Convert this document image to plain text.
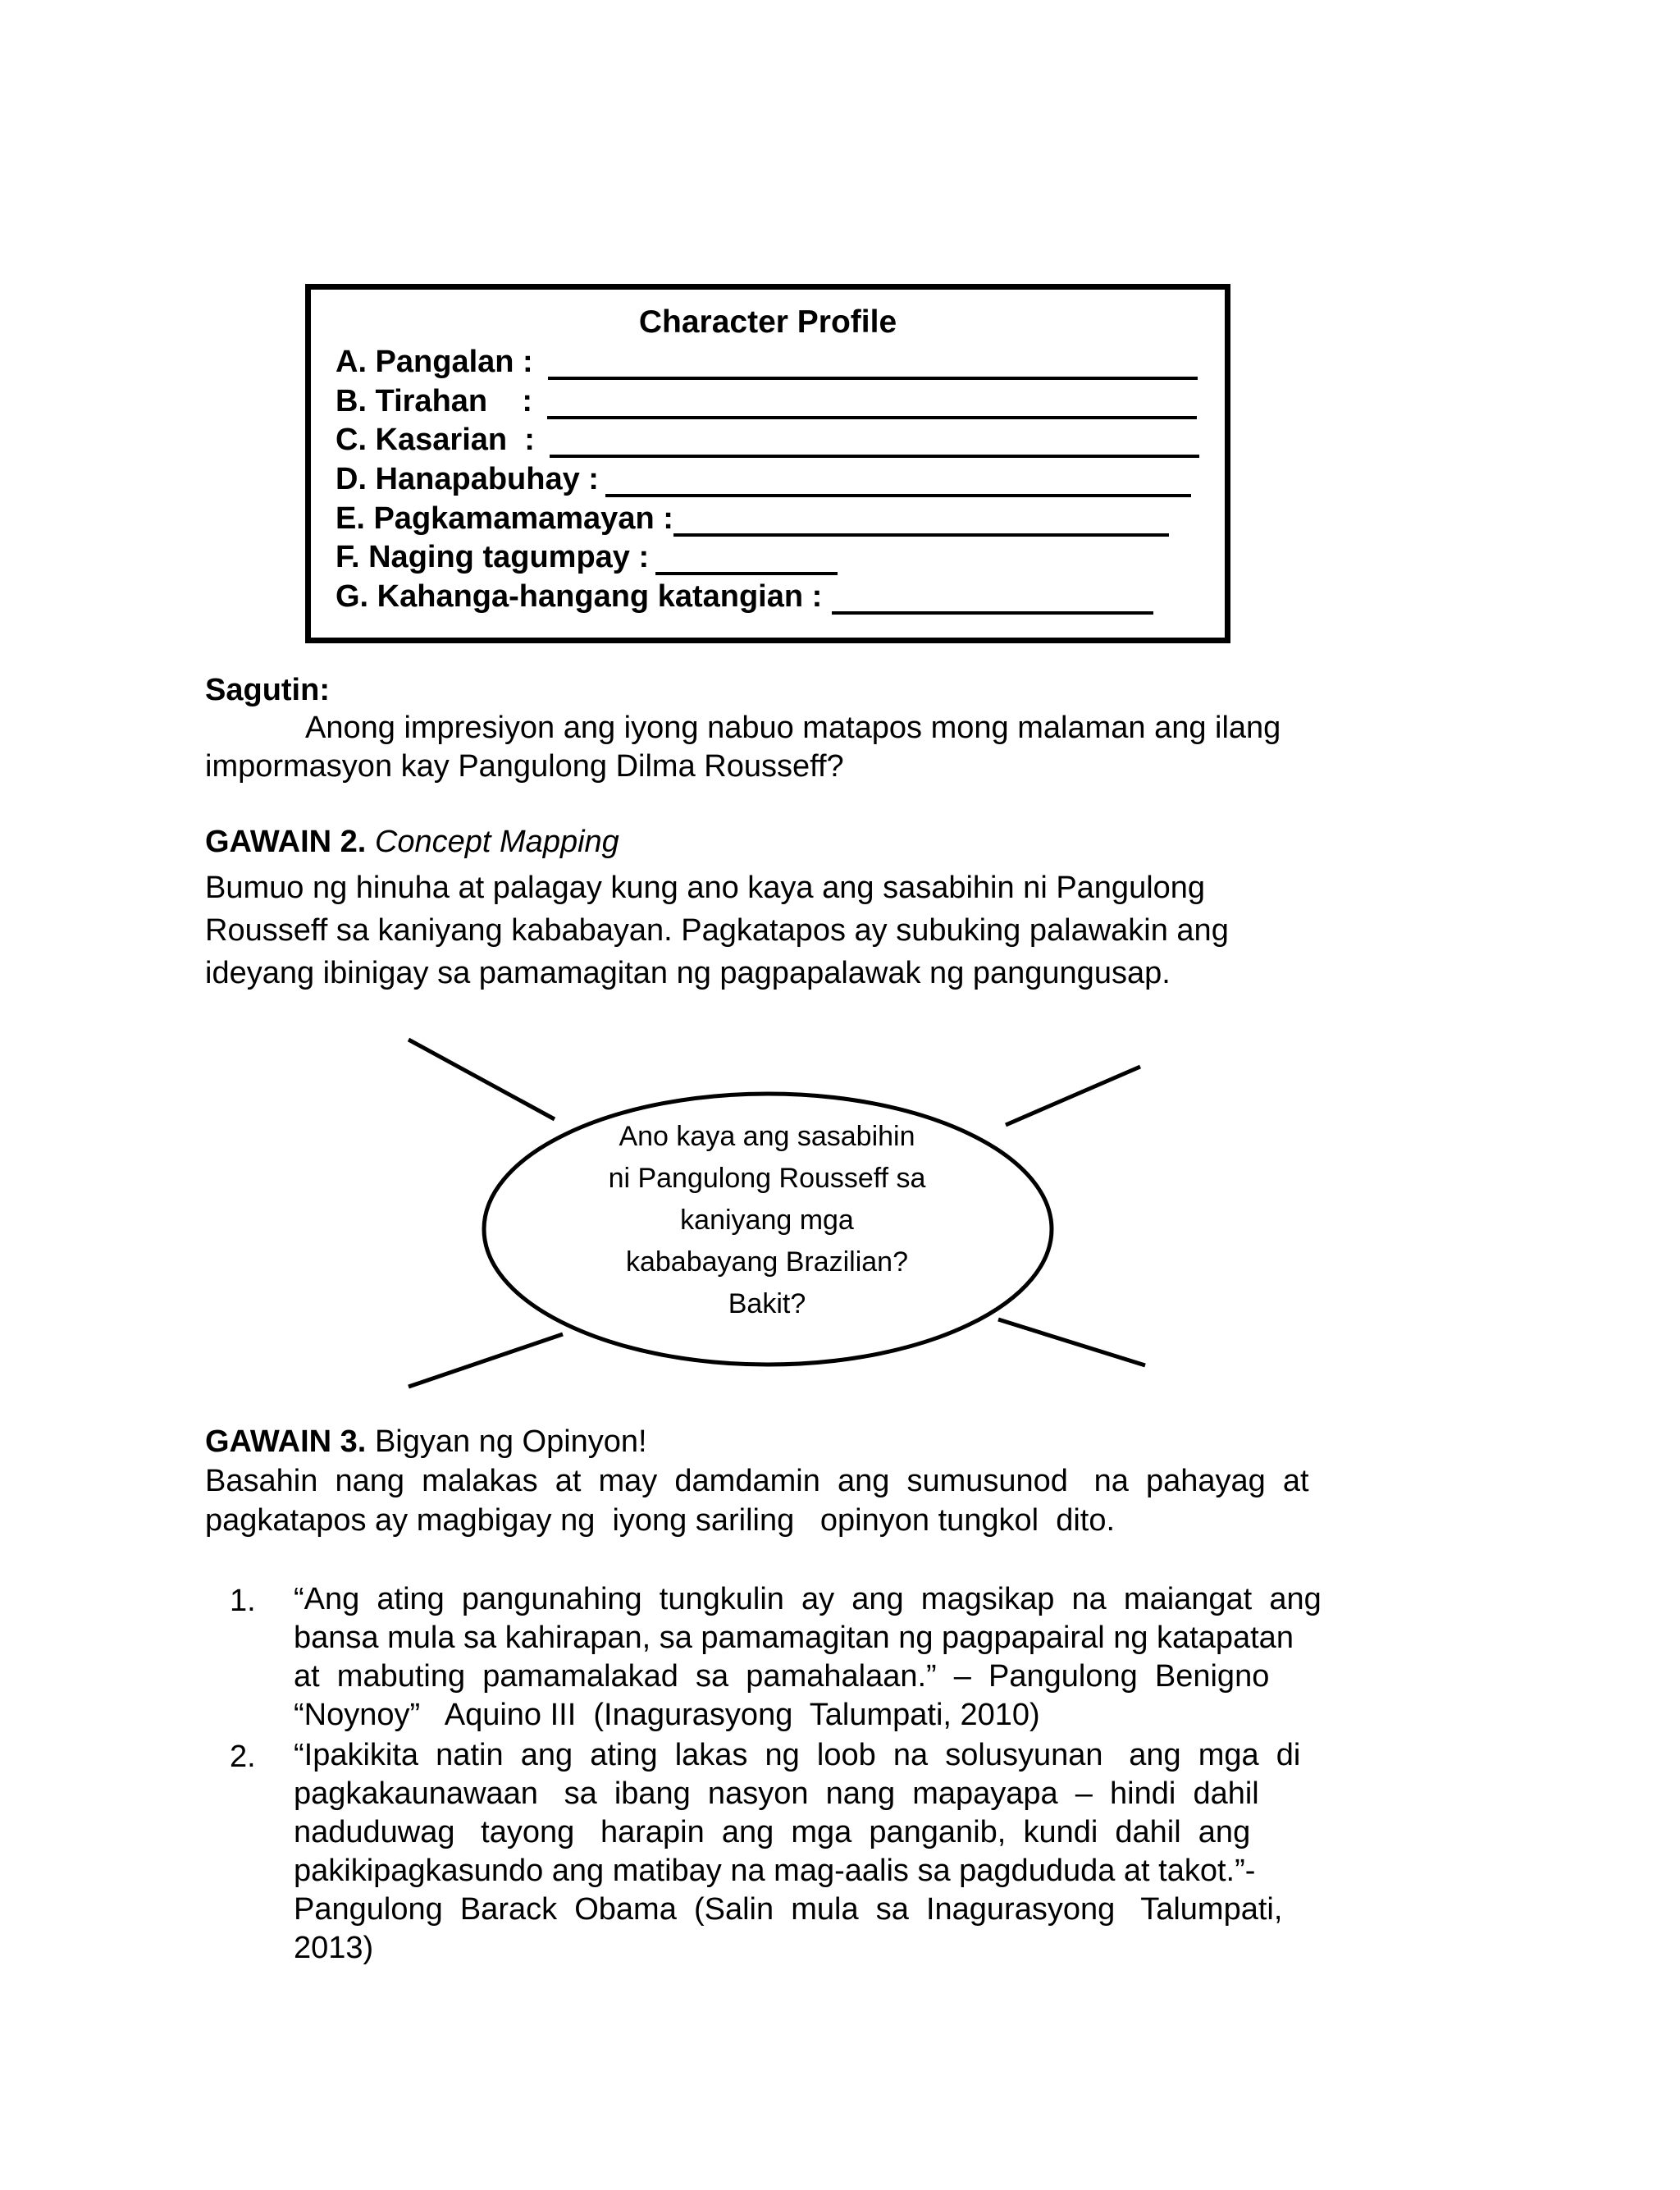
Character Profile
A. Pangalan :
B. Tirahan    :
C. Kasarian  :
D. Hanapabuhay :
E. Pagkamamamayan :
F. Naging tagumpay :
G. Kahanga-hangang katangian :
Sagutin:
Anong impresiyon ang iyong nabuo matapos mong malaman ang ilang
impormasyon kay Pangulong Dilma Rousseff?
GAWAIN 2. Concept Mapping
Bumuo ng hinuha at palagay kung ano kaya ang sasabihin ni Pangulong
Rousseff sa kaniyang kababayan. Pagkatapos ay subuking palawakin ang
ideyang ibinigay sa pamamagitan ng pagpapalawak ng pangungusap.
Ano kaya ang sasabihin
ni Pangulong Rousseff sa
kaniyang mga
kababayang Brazilian?
Bakit?
GAWAIN 3. Bigyan ng Opinyon!
Basahin  nang  malakas  at  may  damdamin  ang  sumusunod   na  pahayag  at
pagkatapos ay magbigay ng  iyong sariling   opinyon tungkol  dito.
1. “Ang  ating  pangunahing  tungkulin  ay  ang  magsikap  na  maiangat  ang
bansa mula sa kahirapan, sa pamamagitan ng pagpapairal ng katapatan
at  mabuting  pamamalakad  sa  pamahalaan.”  –  Pangulong  Benigno
“Noynoy”   Aquino III  (Inagurasyong  Talumpati, 2010)
2. “Ipakikita  natin  ang  ating  lakas  ng  loob  na  solusyunan   ang  mga  di
pagkakaunawaan   sa  ibang  nasyon  nang  mapayapa  –  hindi  dahil
naduduwag   tayong   harapin  ang  mga  panganib,  kundi  dahil  ang
pakikipagkasundo ang matibay na mag-aalis sa pagdududa at takot.”-
Pangulong  Barack  Obama  (Salin  mula  sa  Inagurasyong   Talumpati,
2013)
